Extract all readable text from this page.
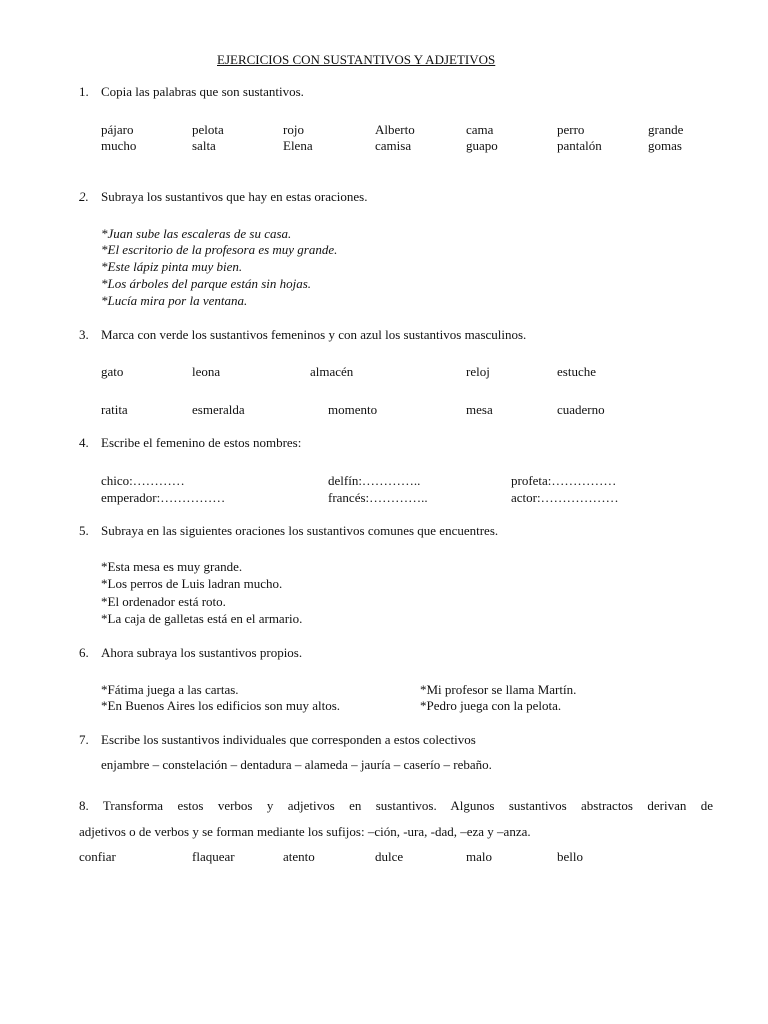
EJERCICIOS CON SUSTANTIVOS Y ADJETIVOS
1. Copia las palabras que son sustantivos.
pájaro	pelota	rojo	Alberto	cama	perro	grande
mucho	salta	Elena	camisa	guapo	pantalón	gomas
2. Subraya los sustantivos que hay en estas oraciones.
*Juan sube las escaleras de su casa.
*El escritorio de la profesora es muy grande.
*Este lápiz pinta muy bien.
*Los árboles del parque están sin hojas.
*Lucía mira por la ventana.
3. Marca con verde los sustantivos femeninos y con azul los sustantivos masculinos.
gato	leona	almacén	reloj	estuche
ratita	esmeralda	momento	mesa	cuaderno
4. Escribe el femenino de estos nombres:
chico:…………	delfín:…………..	profeta:……………
emperador:……………	francés:…………..	actor:………………
5. Subraya en las siguientes oraciones los sustantivos comunes que encuentres.
*Esta mesa es muy grande.
*Los perros de Luis ladran mucho.
*El ordenador está roto.
*La caja de galletas está en el armario.
6. Ahora subraya los sustantivos propios.
*Fátima juega a las cartas.
*En Buenos Aires los edificios son muy altos.
*Mi profesor se llama Martín.
*Pedro juega con la pelota.
7. Escribe los sustantivos individuales que corresponden a estos colectivos
enjambre – constelación – dentadura – alameda – jauría – caserío – rebaño.
8. Transforma estos verbos y adjetivos en sustantivos. Algunos sustantivos abstractos derivan de
adjetivos o de verbos y se forman mediante los sufijos: –ción, -ura, -dad, –eza y –anza.
confiar	flaquear	atento	dulce	malo	bello
